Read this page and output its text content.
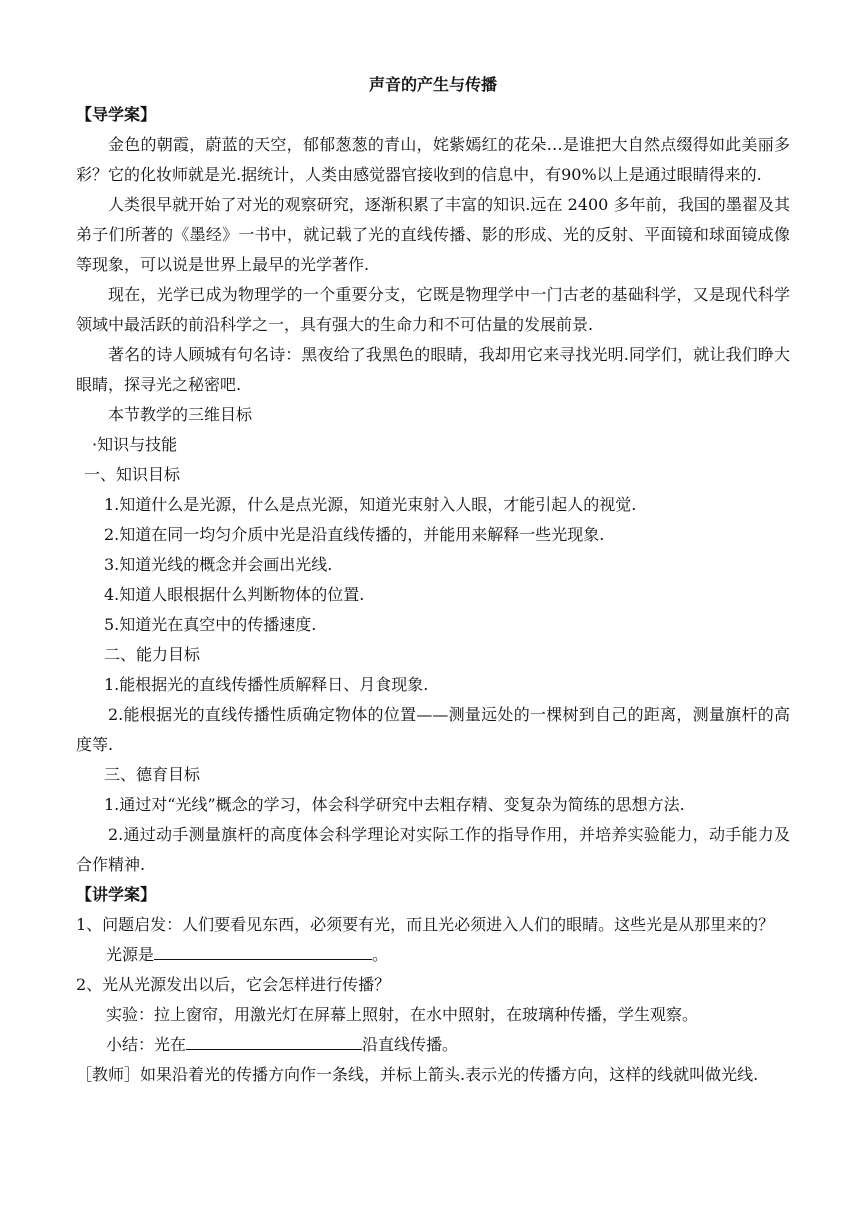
声音的产生与传播
【导学案】
金色的朝霞，蔚蓝的天空，郁郁葱葱的青山，姹紫嫣红的花朵…是谁把大自然点缀得如此美丽多彩？它的化妆师就是光.据统计，人类由感觉器官接收到的信息中，有90%以上是通过眼睛得来的.
人类很早就开始了对光的观察研究，逐渐积累了丰富的知识.远在 2400 多年前，我国的墨翟及其弟子们所著的《墨经》一书中，就记载了光的直线传播、影的形成、光的反射、平面镜和球面镜成像等现象，可以说是世界上最早的光学著作.
现在，光学已成为物理学的一个重要分支，它既是物理学中一门古老的基础科学，又是现代科学领域中最活跃的前沿科学之一，具有强大的生命力和不可估量的发展前景.
著名的诗人顾城有句名诗：黑夜给了我黑色的眼睛，我却用它来寻找光明.同学们，就让我们睁大眼睛，探寻光之秘密吧.
本节教学的三维目标
·知识与技能
一、知识目标
1.知道什么是光源，什么是点光源，知道光束射入人眼，才能引起人的视觉.
2.知道在同一均匀介质中光是沿直线传播的，并能用来解释一些光现象.
3.知道光线的概念并会画出光线.
4.知道人眼根据什么判断物体的位置.
5.知道光在真空中的传播速度.
二、能力目标
1.能根据光的直线传播性质解释日、月食现象.
2.能根据光的直线传播性质确定物体的位置——测量远处的一棵树到自己的距离，测量旗杆的高度等.
三、德育目标
1.通过对“光线”概念的学习，体会科学研究中去粗存精、变复杂为简练的思想方法.
2.通过动手测量旗杆的高度体会科学理论对实际工作的指导作用，并培养实验能力，动手能力及合作精神.
【讲学案】
1、问题启发：人们要看见东西，必须要有光，而且光必须进入人们的眼睛。这些光是从那里来的？
光源是	。
2、光从光源发出以后，它会怎样进行传播？
实验：拉上窗帘，用激光灯在屏幕上照射，在水中照射，在玻璃种传播，学生观察。
小结：光在	沿直线传播。
［教师］如果沿着光的传播方向作一条线，并标上箭头.表示光的传播方向，这样的线就叫做光线.
